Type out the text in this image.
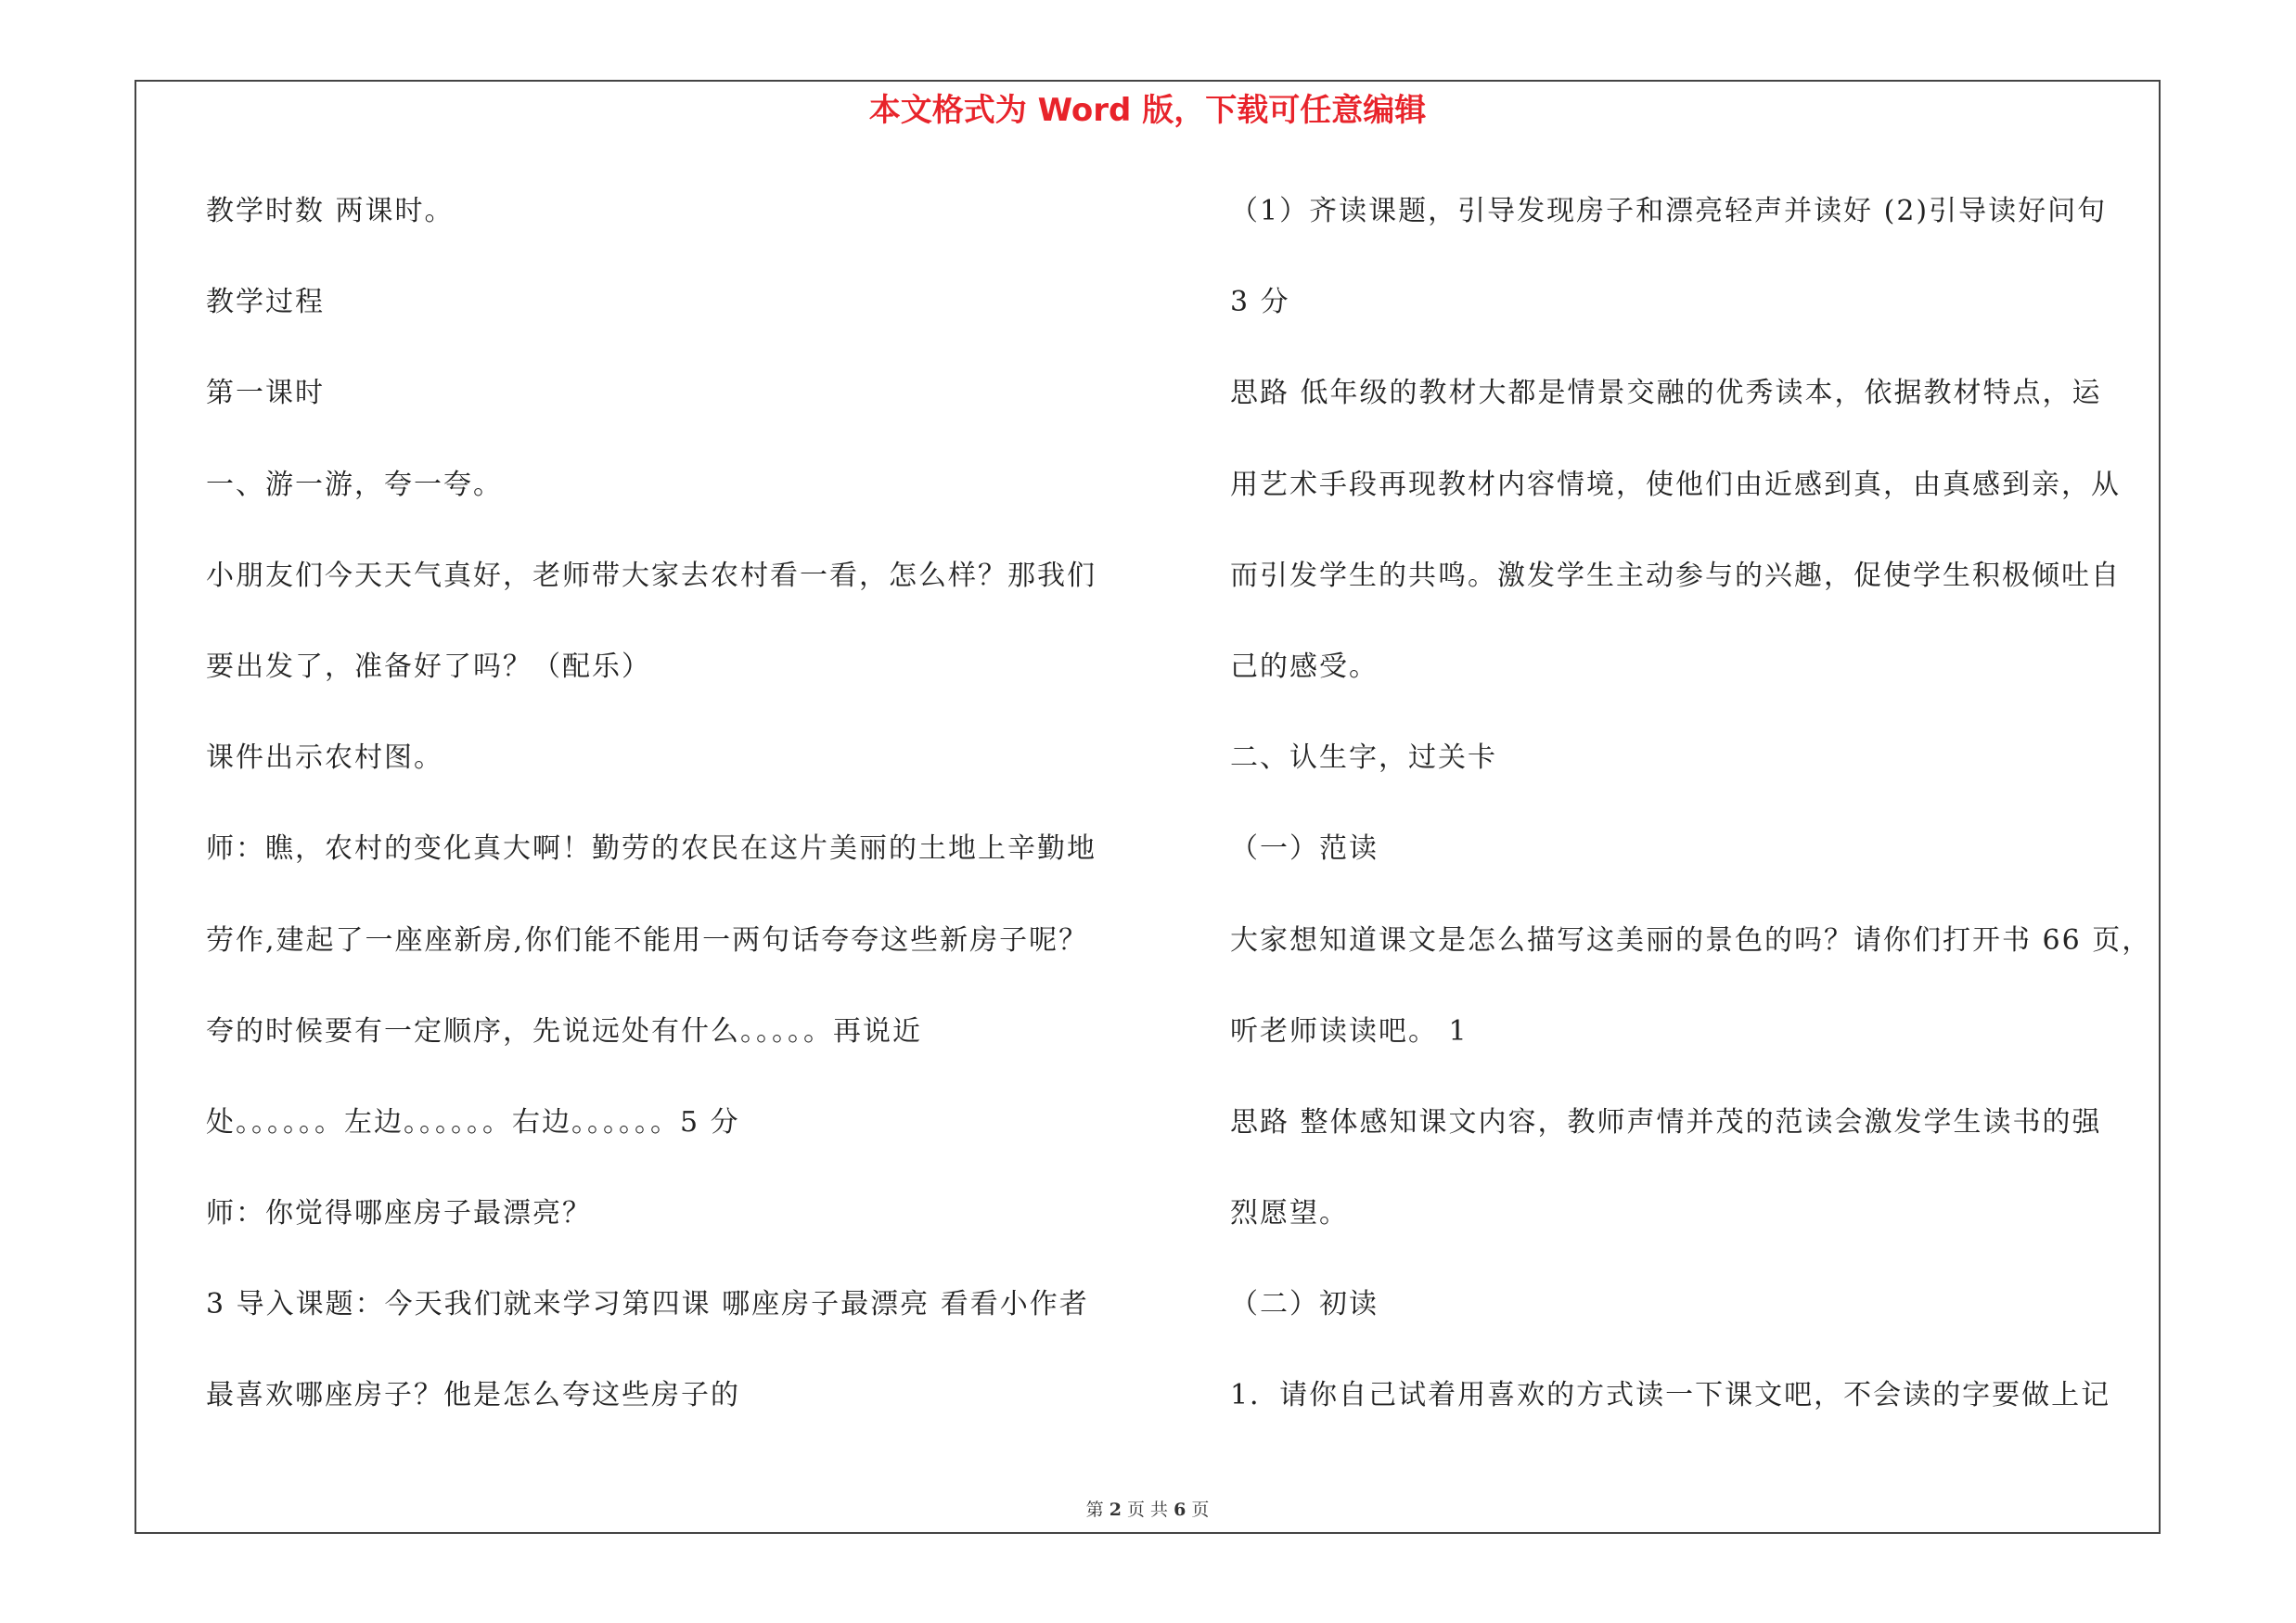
本文格式为 Word 版，下载可任意编辑
教学时数 两课时。
教学过程
第一课时
一、游一游，夸一夸。
小朋友们今天天气真好，老师带大家去农村看一看，怎么样？那我们
要出发了，准备好了吗？（配乐）
课件出示农村图。
师：瞧，农村的变化真大啊！勤劳的农民在这片美丽的土地上辛勤地
劳作,建起了一座座新房,你们能不能用一两句话夸夸这些新房子呢？
夸的时候要有一定顺序，先说远处有什么。。。。。再说近
处。。。。。。左边。。。。。。右边。。。。。。5 分
师：你觉得哪座房子最漂亮？
3 导入课题：今天我们就来学习第四课 哪座房子最漂亮 看看小作者
最喜欢哪座房子？他是怎么夸这些房子的
（1）齐读课题，引导发现房子和漂亮轻声并读好 (2)引导读好问句
3 分
思路 低年级的教材大都是情景交融的优秀读本，依据教材特点，运
用艺术手段再现教材内容情境，使他们由近感到真，由真感到亲，从
而引发学生的共鸣。激发学生主动参与的兴趣，促使学生积极倾吐自
己的感受。
二、认生字，过关卡
（一）范读
大家想知道课文是怎么描写这美丽的景色的吗？请你们打开书 66 页，
听老师读读吧。 1
思路 整体感知课文内容，教师声情并茂的范读会激发学生读书的强
烈愿望。
（二）初读
1．请你自己试着用喜欢的方式读一下课文吧，不会读的字要做上记
第 2 页 共 6 页
